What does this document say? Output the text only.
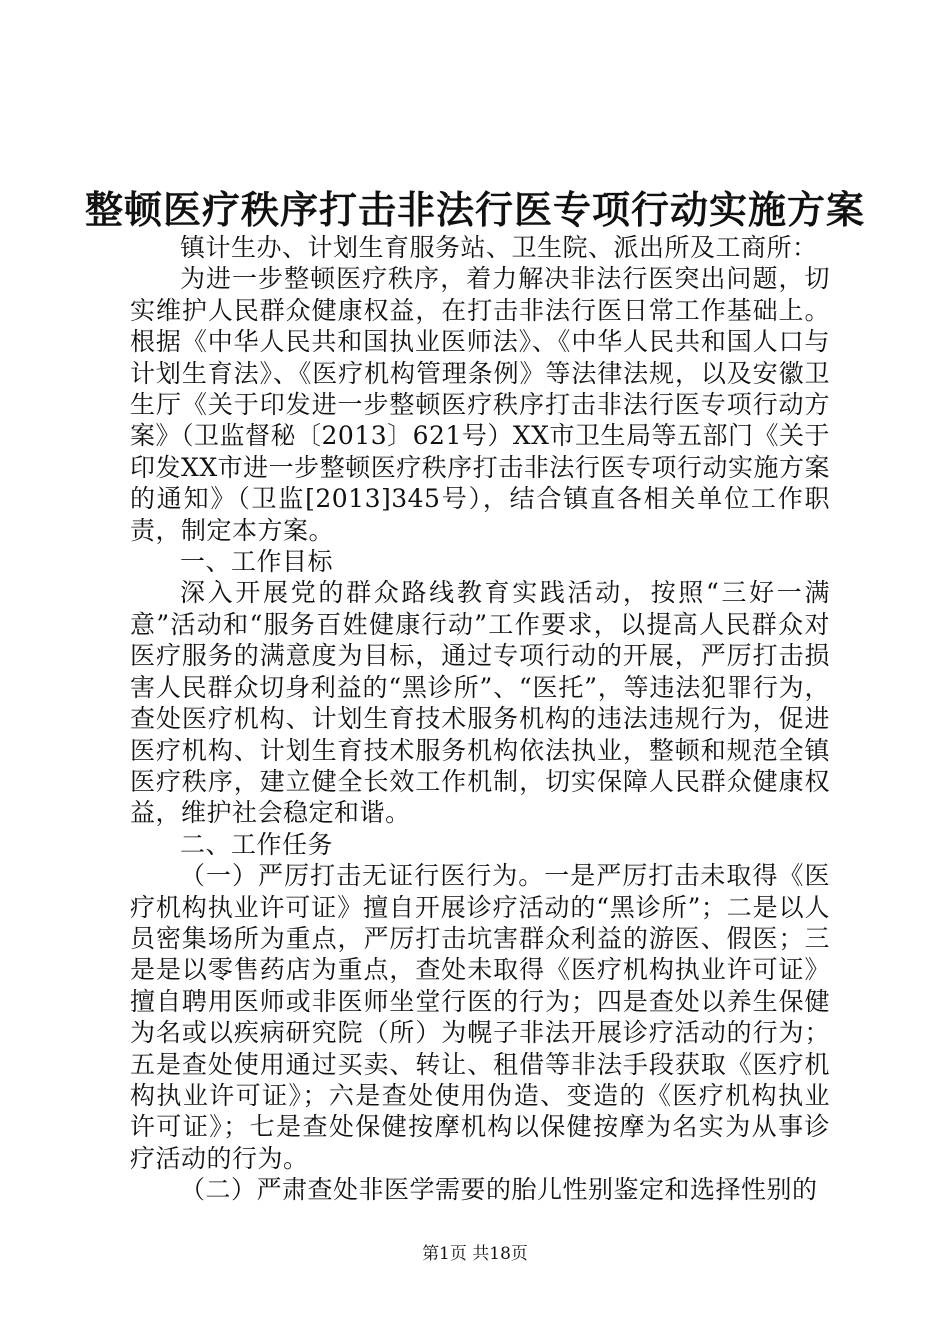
整顿医疗秩序打击非法行医专项行动实施方案

镇计生办、计划生育服务站、卫生院、派出所及工商所：

为进一步整顿医疗秩序，着力解决非法行医突出问题，切实维护人民群众健康权益，在打击非法行医日常工作基础上。根据《中华人民共和国执业医师法》、《中华人民共和国人口与计划生育法》、《医疗机构管理条例》等法律法规，以及安徽卫生厅《关于印发进一步整顿医疗秩序打击非法行医专项行动方案》（卫监督秘〔2013〕621号）XX市卫生局等五部门《关于印发XX市进一步整顿医疗秩序打击非法行医专项行动实施方案的通知》（卫监[2013]345号），结合镇直各相关单位工作职责，制定本方案。

一、工作目标

深入开展党的群众路线教育实践活动，按照“三好一满意”活动和“服务百姓健康行动”工作要求，以提高人民群众对医疗服务的满意度为目标，通过专项行动的开展，严厉打击损害人民群众切身利益的“黑诊所”、“医托”，等违法犯罪行为，查处医疗机构、计划生育技术服务机构的违法违规行为，促进医疗机构、计划生育技术服务机构依法执业，整顿和规范全镇医疗秩序，建立健全长效工作机制，切实保障人民群众健康权益，维护社会稳定和谐。

二、工作任务

（一）严厉打击无证行医行为。一是严厉打击未取得《医疗机构执业许可证》擅自开展诊疗活动的“黑诊所”；二是以人员密集场所为重点，严厉打击坑害群众利益的游医、假医；三是是以零售药店为重点，查处未取得《医疗机构执业许可证》擅自聘用医师或非医师坐堂行医的行为；四是查处以养生保健为名或以疾病研究院（所）为幌子非法开展诊疗活动的行为；五是查处使用通过买卖、转让、租借等非法手段获取《医疗机构执业许可证》；六是查处使用伪造、变造的《医疗机构执业许可证》；七是查处保健按摩机构以保健按摩为名实为从事诊疗活动的行为。

（二）严肃查处非医学需要的胎儿性别鉴定和选择性别的

第1页 共18页
